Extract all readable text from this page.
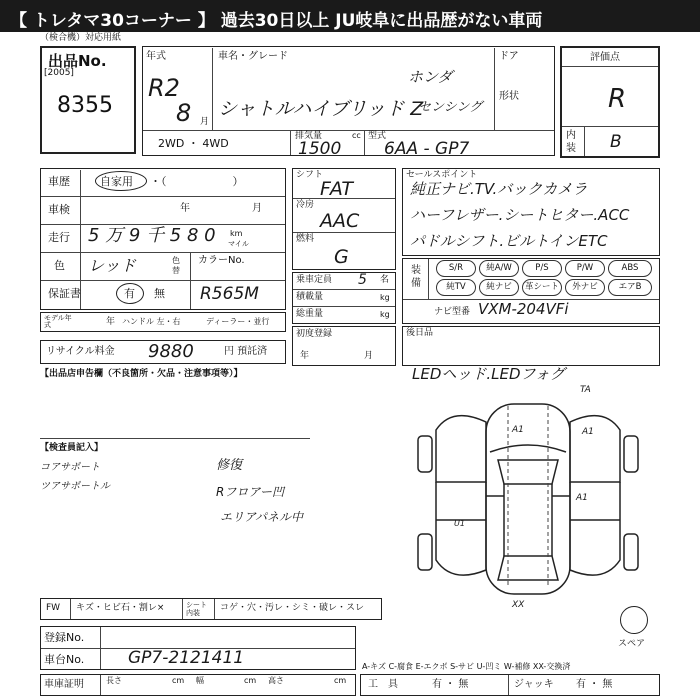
【 トレタマ30コーナー 】 過去30日以上 JU岐阜に出品歴がない車両
（検合機）対応用紙
出品No.
[2005]
8355
年式
R2
8 月
車名・グレード
ホンダ
シャトルハイブリッド Z
センシング
ドア
形状
2WD ・ 4WD
排気量
1500
cc 型式
6AA - GP7
評価点
R
内装 B
車歴	自家用 ・（　　　　　　）
車検	年	月
走行 5 万 9 千 5 8 0 km
マイル
色 レッド	色替
カラーNo.
R565M
保証書	有 無
モデル年式	年 ハンドル 左・右	ディーラー・並行
リサイクル料金 9880	円 預託済
シフト
FAT
冷房
AAC
燃料
G
乗車定員 5 名
積載量	kg
総重量	kg
初度登録
年	月
セールスポイント
純正ナビ.TV.バックカメラ
ハーフレザー.シートヒター.ACC
パドルシフト.ビルトインETC
装備
S/R	純A/W	P/S	P/W	ABS
純TV	純ナビ	革シート	外ナビ	エアB
ナビ型番 VXM-204VFi
後日品
【出品店申告欄（不良箇所・欠品・注意事項等）】	LEDヘッド.LEDフォグ
TA
【検査員記入】
コアサポート
ツアサポートル
修復
Rフロアー凹
エリアパネル中
A1	A1
A1
U1
XX
スペア
FW キズ・ヒビ石・割レ×	シート内装	コゲ・穴・汚レ・シミ・破レ・スレ
登録No.
車台No.	GP7-2121411	A-キズ C-腐食 E-エクボ S-サビ U-凹ミ W-補修 XX-交換済
車庫証明	長さ	cm 幅	cm 高さ	cm 工　具	有 ・ 無	ジャッキ 有 ・ 無
